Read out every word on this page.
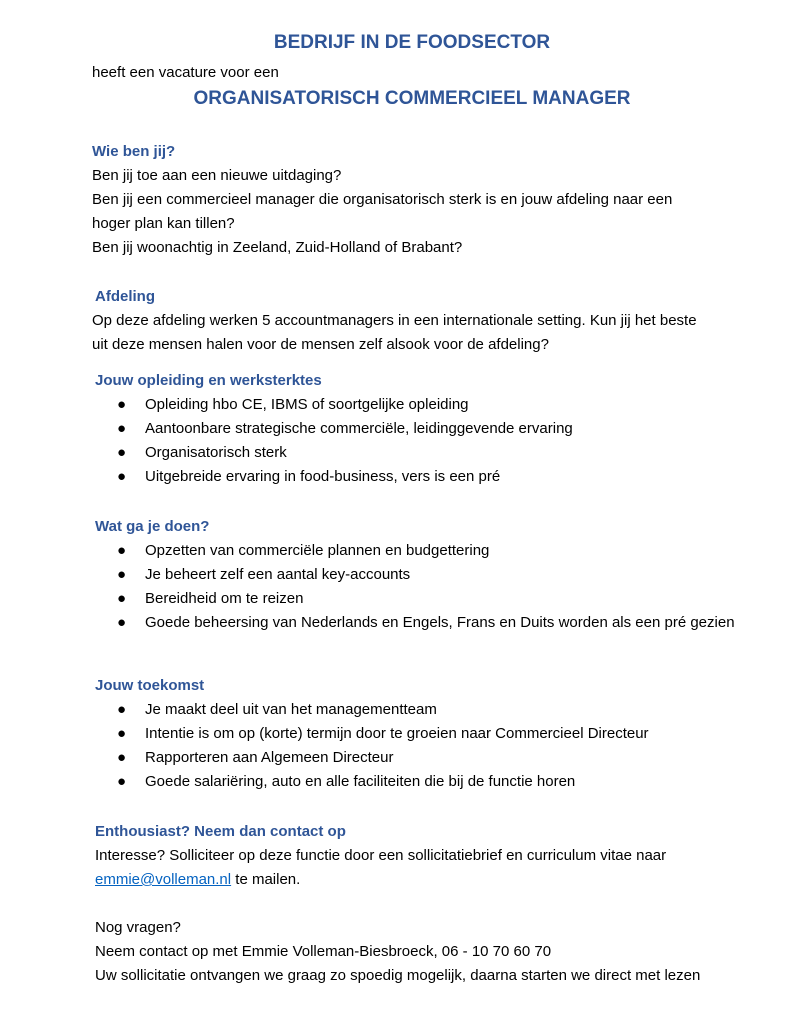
BEDRIJF IN DE FOODSECTOR

heeft een vacature voor een

ORGANISATORISCH COMMERCIEEL MANAGER

Wie ben jij?

Ben jij toe aan een nieuwe uitdaging?

Ben jij een commercieel manager die organisatorisch sterk is en jouw afdeling naar een

hoger plan kan tillen?

Ben jij woonachtig in Zeeland, Zuid-Holland of Brabant?

Afdeling

Op deze afdeling werken 5 accountmanagers in een internationale setting. Kun jij het beste

uit deze mensen halen voor de mensen zelf alsook voor de afdeling?

Jouw opleiding en werksterktes

● Opleiding hbo CE, IBMS of soortgelijke opleiding
● Aantoonbare strategische commerciële, leidinggevende ervaring
● Organisatorisch sterk
● Uitgebreide ervaring in food-business, vers is een pré

Wat ga je doen?

● Opzetten van commerciële plannen en budgettering
● Je beheert zelf een aantal key-accounts
● Bereidheid om te reizen
● Goede beheersing van Nederlands en Engels, Frans en Duits worden als een pré gezien

Jouw toekomst

● Je maakt deel uit van het managementteam
● Intentie is om op (korte) termijn door te groeien naar Commercieel Directeur
● Rapporteren aan Algemeen Directeur
● Goede salariëring, auto en alle faciliteiten die bij de functie horen

Enthousiast? Neem dan contact op

Interesse? Solliciteer op deze functie door een sollicitatiebrief en curriculum vitae naar

emmie@volleman.nl te mailen.

Nog vragen?

Neem contact op met Emmie Volleman-Biesbroeck, 06 - 10 70 60 70

Uw sollicitatie ontvangen we graag zo spoedig mogelijk, daarna starten we direct met lezen
